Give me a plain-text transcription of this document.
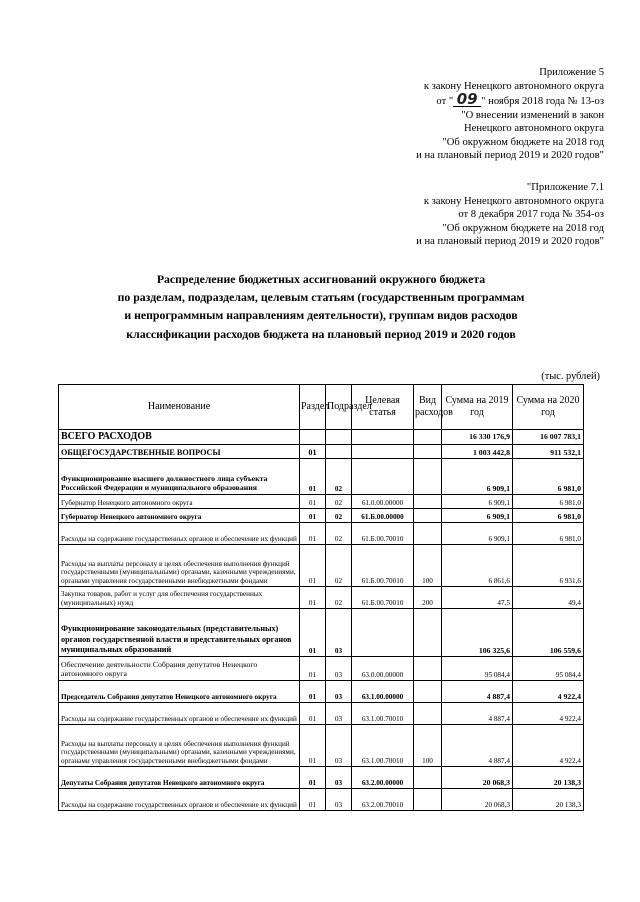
Приложение 5
к закону Ненецкого автономного округа
от " 09 " ноября 2018 года № 13-оз
"О внесении изменений в закон
Ненецкого автономного округа
"Об окружном бюджете на 2018 год
и на плановый период 2019 и 2020 годов"
"Приложение 7.1
к закону Ненецкого автономного округа
от 8 декабря 2017 года № 354-оз
"Об окружном бюджете на 2018 год
и на плановый период 2019 и 2020 годов"
Распределение бюджетных ассигнований окружного бюджета
по разделам, подразделам, целевым статьям (государственным программам
и непрограммным направлениям деятельности), группам видов расходов
классификации расходов бюджета на плановый период 2019 и 2020 годов
(тыс. рублей)
Наименование	Раздел	Подраздел	Целевая статья	Вид расходов	Сумма на 2019 год	Сумма на 2020 год
ВСЕГО РАСХОДОВ					16 330 176,9	16 007 783,1
ОБЩЕГОСУДАРСТВЕННЫЕ ВОПРОСЫ	01				1 003 442,8	911 532,1
Функционирование высшего должностного лица субъекта Российской Федерации и муниципального образования	01	02			6 909,1	6 981,0
Губернатор Ненецкого автономного округа	01	02	61.0.00.00000		6 909,1	6 981,0
Губернатор Ненецкого автономного округа	01	02	61.Б.00.00000		6 909,1	6 981,0
Расходы на содержание государственных органов и обеспечение их функций	01	02	61.Б.00.70010		6 909,1	6 981,0
Расходы на выплаты персоналу в целях обеспечения выполнения функций государственными (муниципальными) органами, казенными учреждениями, органами управления государственными внебюджетными фондами	01	02	61.Б.00.70010	100	6 861,6	6 931,6
Закупка товаров, работ и услуг для обеспечения государственных (муниципальных) нужд	01	02	61.Б.00.70010	200	47,5	49,4
Функционирование законодательных (представительных) органов государственной власти и представительных органов муниципальных образований	01	03			106 325,6	106 559,6
Обеспечение деятельности Собрания депутатов Ненецкого автономного округа	01	03	63.0.00.00000		95 084,4	95 084,4
Председатель Собрания депутатов Ненецкого автономного округа	01	03	63.1.00.00000		4 887,4	4 922,4
Расходы на содержание государственных органов и обеспечение их функций	01	03	63.1.00.70010		4 887,4	4 922,4
Расходы на выплаты персоналу в целях обеспечения выполнения функций государственными (муниципальными) органами, казенными учреждениями, органами управления государственными внебюджетными фондами	01	03	63.1.00.70010	100	4 887,4	4 922,4
Депутаты Собрания депутатов Ненецкого автономного округа	01	03	63.2.00.00000		20 068,3	20 138,3
Расходы на содержание государственных органов и обеспечение их функций	01	03	63.2.00.70010		20 068,3	20 138,3
